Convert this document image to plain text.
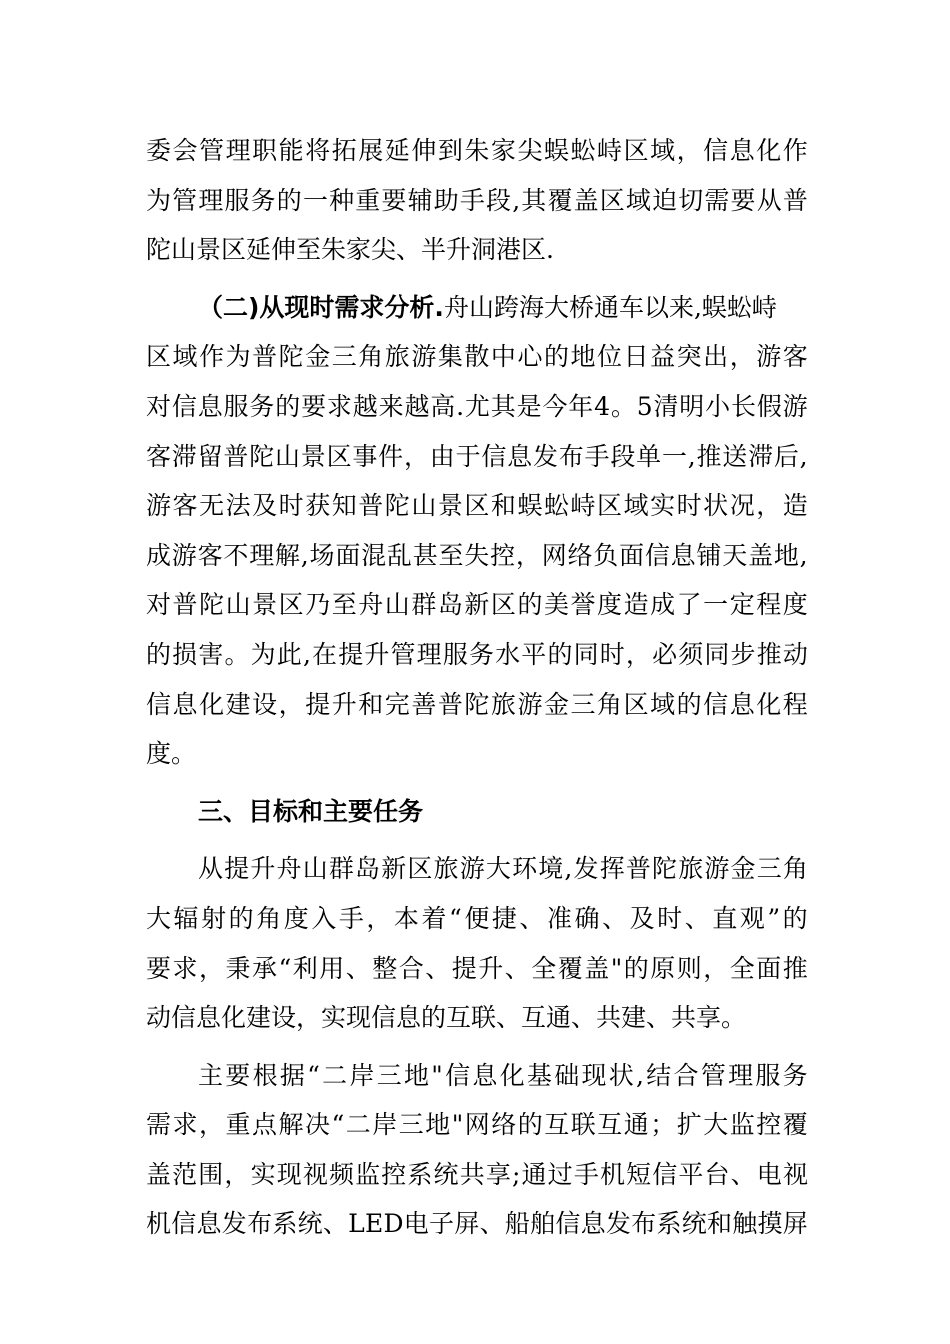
委 会 管 理 职 能 将 拓 展 延 伸 到 朱 家 尖 蜈 蚣 峙 区 域 ， 信 息 化 作
为 管 理 服 务 的 一 种 重 要 辅 助 手 段 , 其 覆 盖 区 域 迫 切 需 要 从 普
陀山景区延伸至朱家尖、半升洞港区.
（二)从现时需求分析. 舟山跨海大桥通车以来,蜈蚣峙
区 域 作 为 普 陀 金 三 角 旅 游 集 散 中 心 的 地 位 日 益 突 出 ， 游 客
对 信 息 服 务 的 要 求 越 来 越 高 . 尤 其 是 今 年 4 。 5 清 明 小 长 假 游
客 滞 留 普 陀 山 景 区 事 件 ， 由 于 信 息 发 布 手 段 单 一 , 推 送 滞 后 ,
游 客 无 法 及 时 获 知 普 陀 山 景 区 和 蜈 蚣 峙 区 域 实 时 状 况 ， 造
成 游 客 不 理 解 , 场 面 混 乱 甚 至 失 控 ， 网 络 负 面 信 息 铺 天 盖 地 ,
对 普 陀 山 景 区 乃 至 舟 山 群 岛 新 区 的 美 誉 度 造 成 了 一 定 程 度
的 损 害 。 为 此 , 在 提 升 管 理 服 务 水 平 的 同 时 ， 必 须 同 步 推 动
信 息 化 建 设 ， 提 升 和 完 善 普 陀 旅 游 金 三 角 区 域 的 信 息 化 程
度。
三、目标和主要任务
从 提 升 舟 山 群 岛 新 区 旅 游 大 环 境 , 发 挥 普 陀 旅 游 金 三 角
大 辐 射 的 角 度 入 手 ， 本 着 “ 便 捷 、 准 确 、 及 时 、 直 观 ” 的
要 求 ， 秉 承 “ 利 用 、 整 合 、 提 升 、 全 覆 盖 " 的 原 则 ， 全 面 推
动信息化建设，实现信息的互联、互通、共建、共享。
主 要 根 据 “ 二 岸 三 地 " 信 息 化 基 础 现 状 , 结 合 管 理 服 务
需 求 ， 重 点 解 决 “ 二 岸 三 地 " 网 络 的 互 联 互 通 ； 扩 大 监 控 覆
盖 范 围 ， 实 现 视 频 监 控 系 统 共 享 ; 通 过 手 机 短 信 平 台 、 电 视
机 信 息 发 布 系 统 、 L E D 电 子 屏 、 船 舶 信 息 发 布 系 统 和 触 摸 屏
